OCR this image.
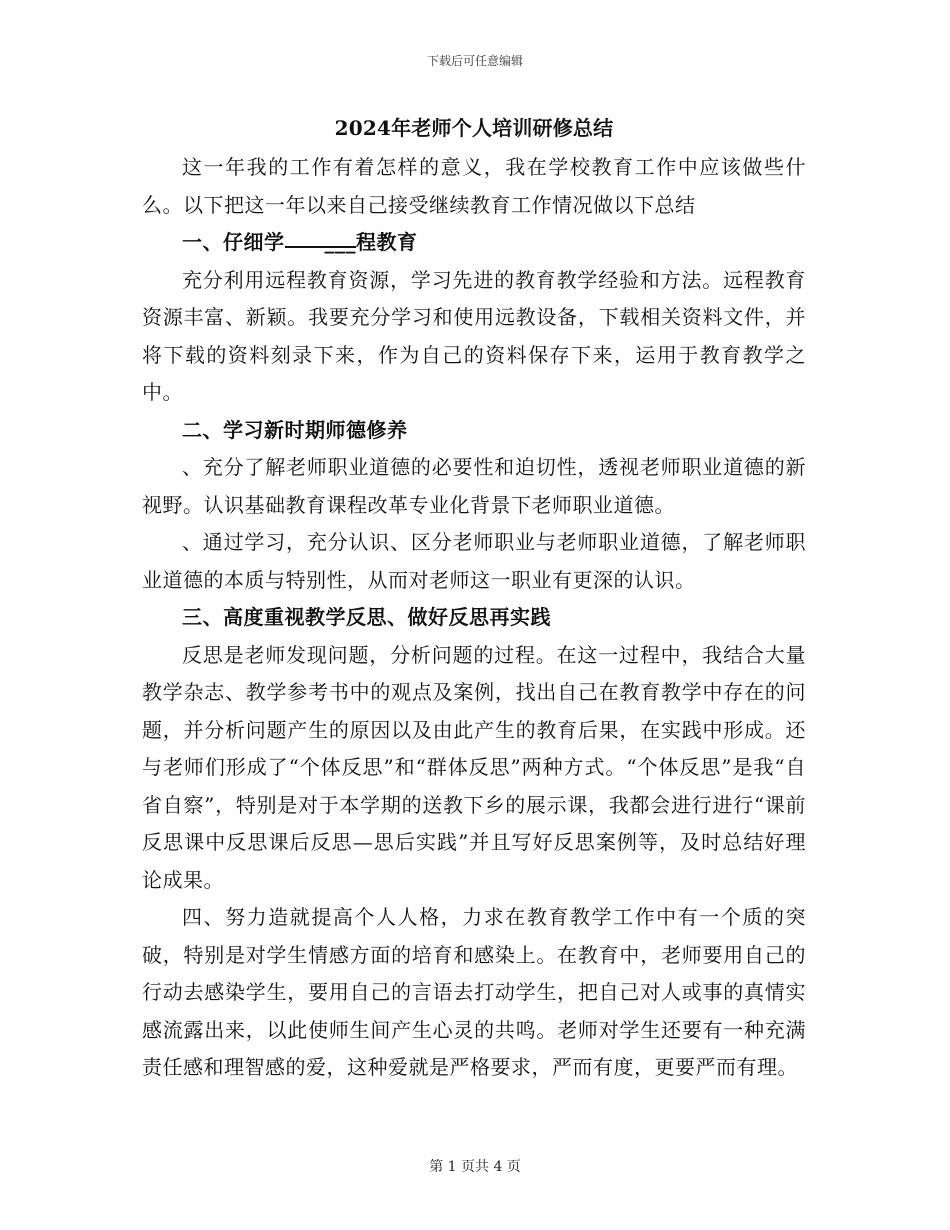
下载后可任意编辑
2024年老师个人培训研修总结

这一年我的工作有着怎样的意义，我在学校教育工作中应该做些什么。以下把这一年以来自己接受继续教育工作情况做以下总结

一、仔细学 ___程教育

充分利用远程教育资源，学习先进的教育教学经验和方法。远程教育资源丰富、新颖。我要充分学习和使用远教设备，下载相关资料文件，并将下载的资料刻录下来，作为自己的资料保存下来，运用于教育教学之中。

二、学习新时期师德修养

、充分了解老师职业道德的必要性和迫切性，透视老师职业道德的新视野。认识基础教育课程改革专业化背景下老师职业道德。

、通过学习，充分认识、区分老师职业与老师职业道德，了解老师职业道德的本质与特别性，从而对老师这一职业有更深的认识。

三、高度重视教学反思、做好反思再实践

反思是老师发现问题，分析问题的过程。在这一过程中，我结合大量教学杂志、教学参考书中的观点及案例，找出自己在教育教学中存在的问题，并分析问题产生的原因以及由此产生的教育后果，在实践中形成。还与老师们形成了“个体反思”和“群体反思”两种方式。“个体反思”是我“自省自察”，特别是对于本学期的送教下乡的展示课，我都会进行进行“课前反思课中反思课后反思—思后实践”并且写好反思案例等，及时总结好理论成果。

四、努力造就提高个人人格，力求在教育教学工作中有一个质的突破，特别是对学生情感方面的培育和感染上。在教育中，老师要用自己的行动去感染学生，要用自己的言语去打动学生，把自己对人或事的真情实感流露出来，以此使师生间产生心灵的共鸣。老师对学生还要有一种充满责任感和理智感的爱，这种爱就是严格要求，严而有度，更要严而有理。

第 1 页共 4 页
